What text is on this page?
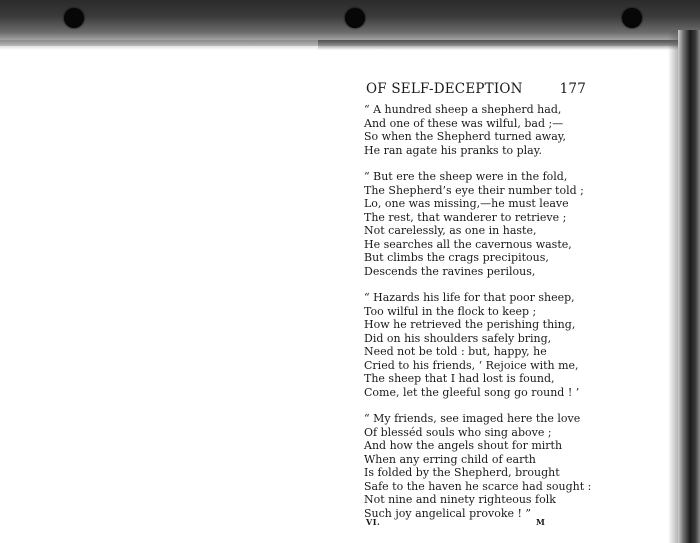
OF SELF-DECEPTION	177
“ A hundred sheep a shepherd had,
And one of these was wilful, bad ;—
So when the Shepherd turned away,
He ran agate his pranks to play.
“ But ere the sheep were in the fold,
The Shepherd’s eye their number told ;
Lo, one was missing,—he must leave
The rest, that wanderer to retrieve ;
Not carelessly, as one in haste,
He searches all the cavernous waste,
But climbs the crags precipitous,
Descends the ravines perilous,
“ Hazards his life for that poor sheep,
Too wilful in the flock to keep ;
How he retrieved the perishing thing,
Did on his shoulders safely bring,
Need not be told : but, happy, he
Cried to his friends, ‘ Rejoice with me,
The sheep that I had lost is found,
Come, let the gleeful song go round ! ’
“ My friends, see imaged here the love
Of blesséd souls who sing above ;
And how the angels shout for mirth
When any erring child of earth
Is folded by the Shepherd, brought
Safe to the haven he scarce had sought :
Not nine and ninety righteous folk
Such joy angelical provoke ! ”
VI.	M
